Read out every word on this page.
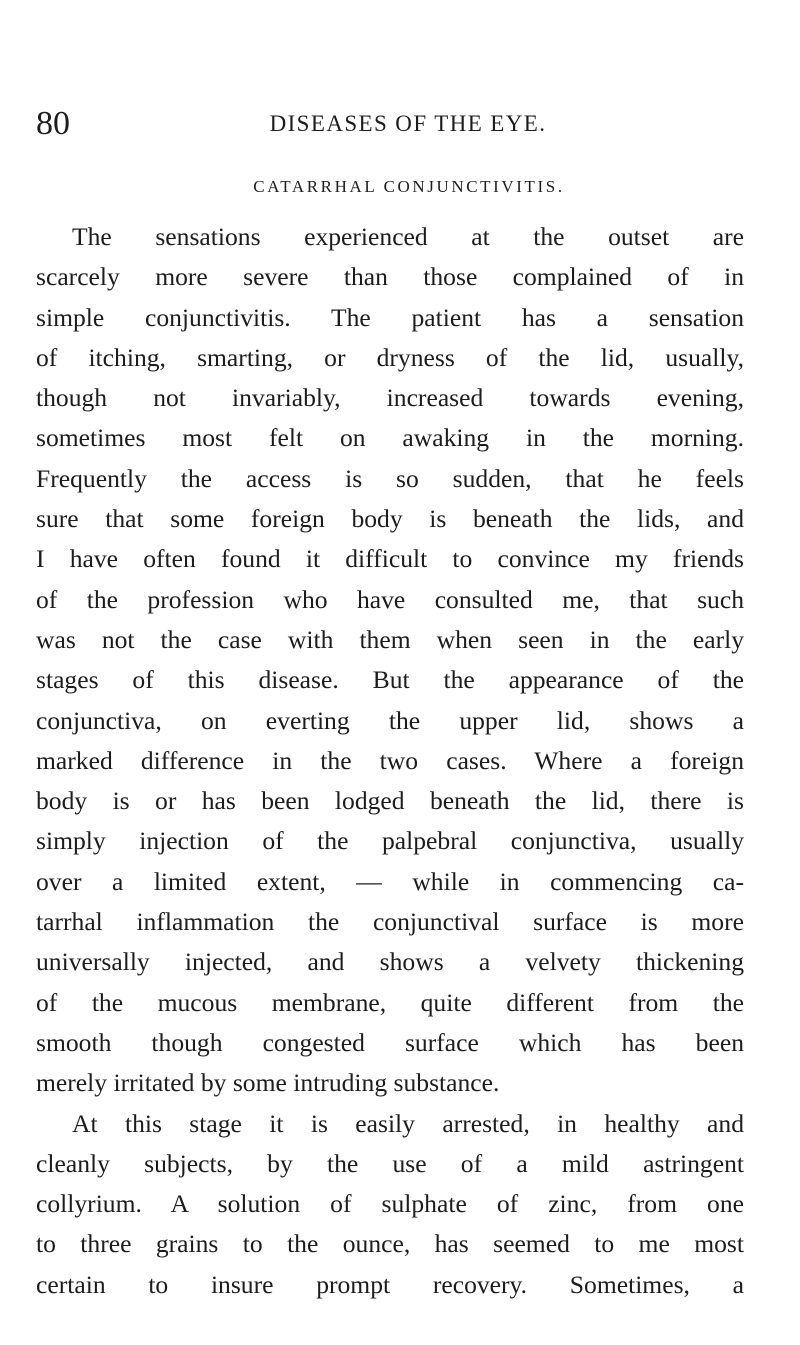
80	DISEASES OF THE EYE.
CATARRHAL CONJUNCTIVITIS.
The sensations experienced at the outset are
scarcely more severe than those complained of in
simple conjunctivitis. The patient has a sensation
of itching, smarting, or dryness of the lid, usually,
though not invariably, increased towards evening,
sometimes most felt on awaking in the morning.
Frequently the access is so sudden, that he feels
sure that some foreign body is beneath the lids, and
I have often found it difficult to convince my friends
of the profession who have consulted me, that such
was not the case with them when seen in the early
stages of this disease. But the appearance of the
conjunctiva, on everting the upper lid, shows a
marked difference in the two cases. Where a foreign
body is or has been lodged beneath the lid, there is
simply injection of the palpebral conjunctiva, usually
over a limited extent, — while in commencing ca-
tarrhal inflammation the conjunctival surface is more
universally injected, and shows a velvety thickening
of the mucous membrane, quite different from the
smooth though congested surface which has been
merely irritated by some intruding substance.
At this stage it is easily arrested, in healthy and
cleanly subjects, by the use of a mild astringent
collyrium. A solution of sulphate of zinc, from one
to three grains to the ounce, has seemed to me most
certain to insure prompt recovery. Sometimes, a
